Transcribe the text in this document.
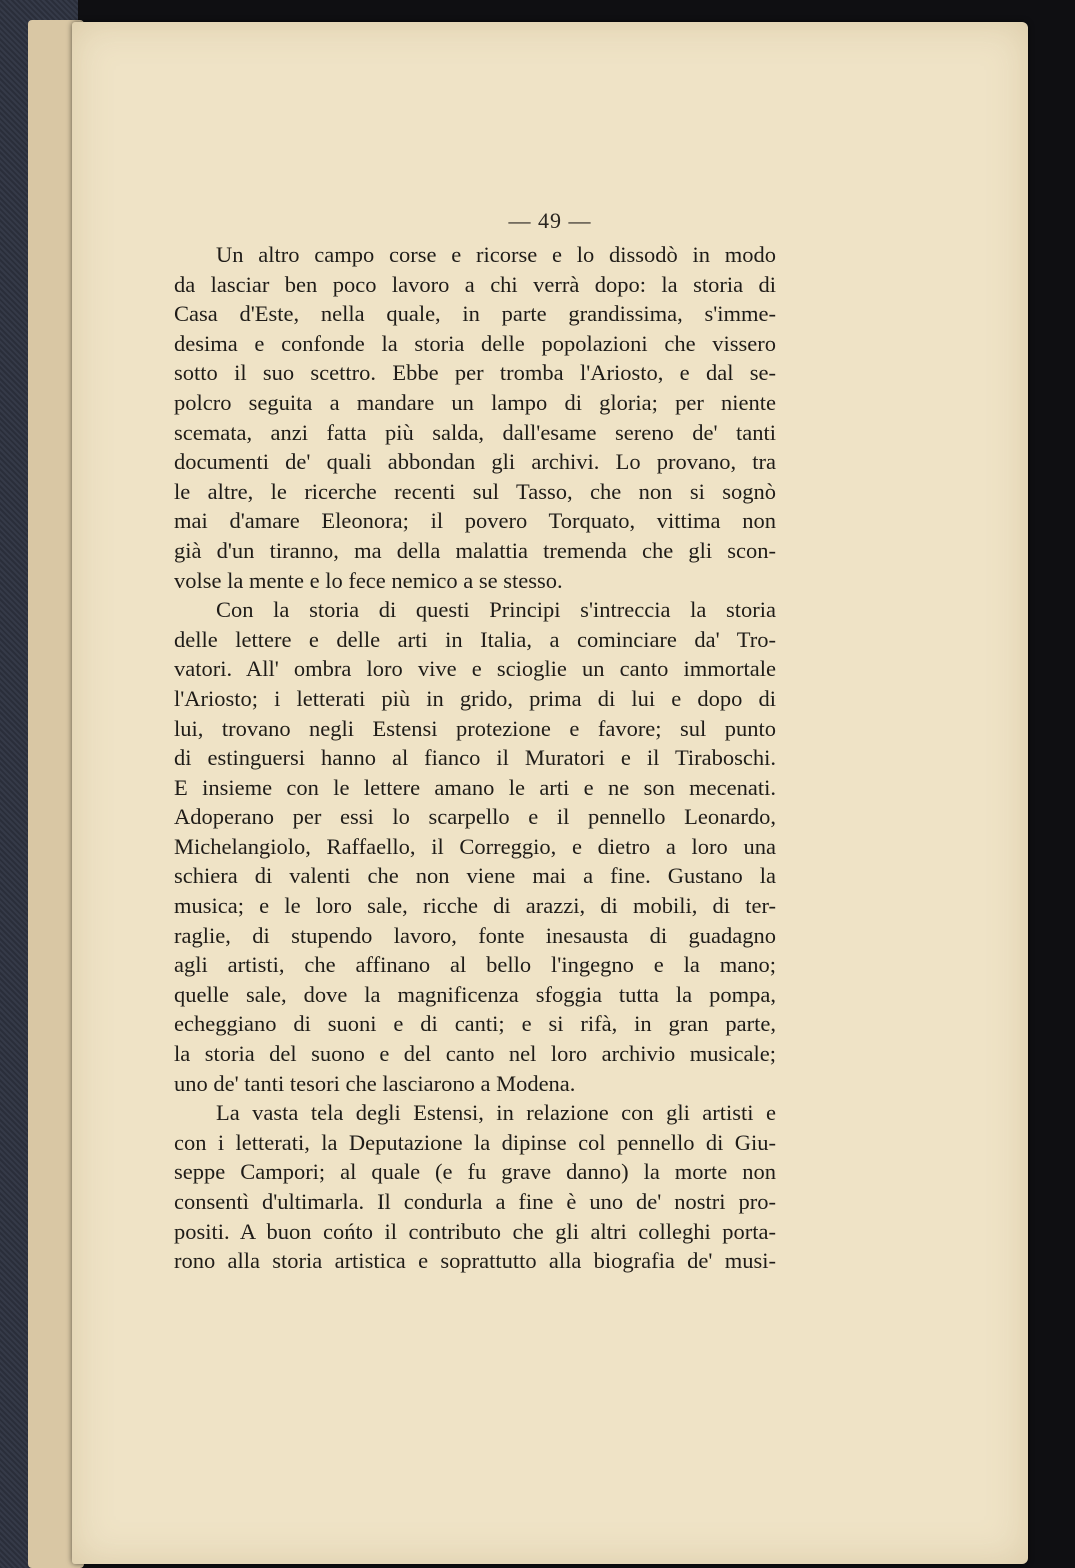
— 49 —
Un altro campo corse e ricorse e lo dissodò in modo
da lasciar ben poco lavoro a chi verrà dopo: la storia di
Casa d'Este, nella quale, in parte grandissima, s'imme-
desima e confonde la storia delle popolazioni che vissero
sotto il suo scettro. Ebbe per tromba l'Ariosto, e dal se-
polcro seguita a mandare un lampo di gloria; per niente
scemata, anzi fatta più salda, dall'esame sereno de' tanti
documenti de' quali abbondan gli archivi. Lo provano, tra
le altre, le ricerche recenti sul Tasso, che non si sognò
mai d'amare Eleonora; il povero Torquato, vittima non
già d'un tiranno, ma della malattia tremenda che gli scon-
volse la mente e lo fece nemico a se stesso.
Con la storia di questi Principi s'intreccia la storia
delle lettere e delle arti in Italia, a cominciare da' Tro-
vatori. All' ombra loro vive e scioglie un canto immortale
l'Ariosto; i letterati più in grido, prima di lui e dopo di
lui, trovano negli Estensi protezione e favore; sul punto
di estinguersi hanno al fianco il Muratori e il Tiraboschi.
E insieme con le lettere amano le arti e ne son mecenati.
Adoperano per essi lo scarpello e il pennello Leonardo,
Michelangiolo, Raffaello, il Correggio, e dietro a loro una
schiera di valenti che non viene mai a fine. Gustano la
musica; e le loro sale, ricche di arazzi, di mobili, di ter-
raglie, di stupendo lavoro, fonte inesausta di guadagno
agli artisti, che affinano al bello l'ingegno e la mano;
quelle sale, dove la magnificenza sfoggia tutta la pompa,
echeggiano di suoni e di canti; e si rifà, in gran parte,
la storia del suono e del canto nel loro archivio musicale;
uno de' tanti tesori che lasciarono a Modena.
La vasta tela degli Estensi, in relazione con gli artisti e
con i letterati, la Deputazione la dipinse col pennello di Giu-
seppe Campori; al quale (e fu grave danno) la morte non
consentì d'ultimarla. Il condurla a fine è uno de' nostri pro-
positi. A buon cońto il contributo che gli altri colleghi porta-
rono alla storia artistica e soprattutto alla biografia de' musi-
